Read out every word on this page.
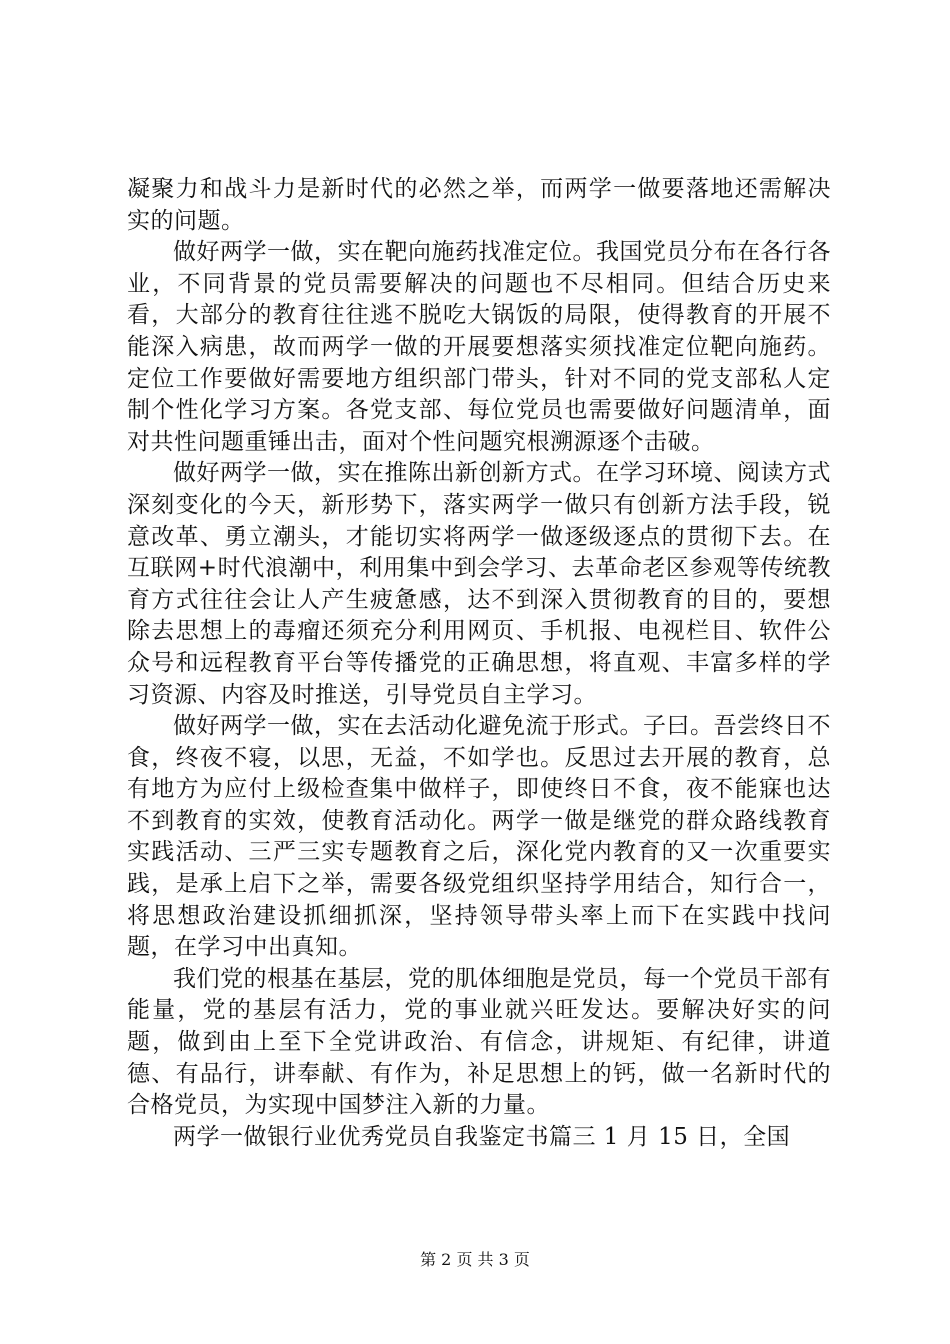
凝聚力和战斗力是新时代的必然之举，而两学一做要落地还需解决实的问题。

做好两学一做，实在靶向施药找准定位。我国党员分布在各行各业，不同背景的党员需要解决的问题也不尽相同。但结合历史来看，大部分的教育往往逃不脱吃大锅饭的局限，使得教育的开展不能深入病患，故而两学一做的开展要想落实须找准定位靶向施药。定位工作要做好需要地方组织部门带头，针对不同的党支部私人定制个性化学习方案。各党支部、每位党员也需要做好问题清单，面对共性问题重锤出击，面对个性问题究根溯源逐个击破。

做好两学一做，实在推陈出新创新方式。在学习环境、阅读方式深刻变化的今天，新形势下，落实两学一做只有创新方法手段，锐意改革、勇立潮头，才能切实将两学一做逐级逐点的贯彻下去。在互联网+时代浪潮中，利用集中到会学习、去革命老区参观等传统教育方式往往会让人产生疲惫感，达不到深入贯彻教育的目的，要想除去思想上的毒瘤还须充分利用网页、手机报、电视栏目、软件公众号和远程教育平台等传播党的正确思想，将直观、丰富多样的学习资源、内容及时推送，引导党员自主学习。

做好两学一做，实在去活动化避免流于形式。子曰。吾尝终日不食，终夜不寝，以思，无益，不如学也。反思过去开展的教育，总有地方为应付上级检查集中做样子，即使终日不食，夜不能寐也达不到教育的实效，使教育活动化。两学一做是继党的群众路线教育实践活动、三严三实专题教育之后，深化党内教育的又一次重要实践，是承上启下之举，需要各级党组织坚持学用结合，知行合一，将思想政治建设抓细抓深，坚持领导带头率上而下在实践中找问题，在学习中出真知。

我们党的根基在基层，党的肌体细胞是党员，每一个党员干部有能量，党的基层有活力，党的事业就兴旺发达。要解决好实的问题，做到由上至下全党讲政治、有信念，讲规矩、有纪律，讲道德、有品行，讲奉献、有作为，补足思想上的钙，做一名新时代的合格党员，为实现中国梦注入新的力量。

两学一做银行业优秀党员自我鉴定书篇三 1 月 15 日，全国

第 2 页 共 3 页
